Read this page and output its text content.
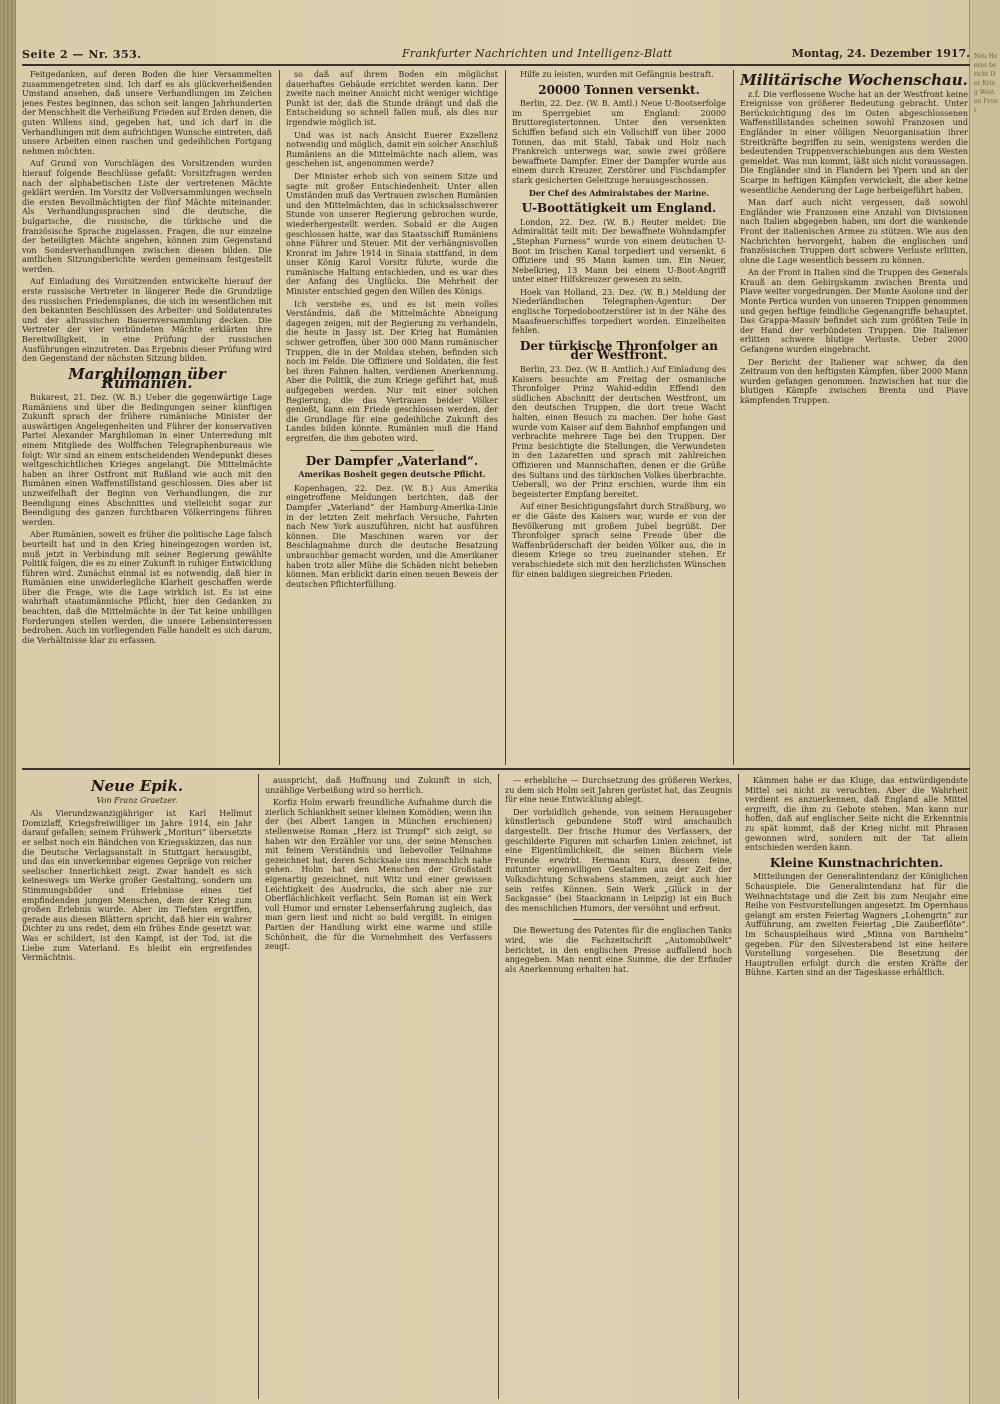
Neu Heeres bericht Der Krieg Westen Front
Seite 2 — Nr. 353.	Frankfurter Nachrichten und Intelligenz-Blatt	Montag, 24. Dezember 1917.

Feitgedanken, auf deren Boden die hier Versammelten zusammengetreten sind. Ich darf es als glückverheißenden Umstand ansehen, daß unsere Verhandlungen im Zeichen jenes Festes beginnen, das schon seit langen Jahrhunderten der Menschheit die Verheißung Frieden auf Erden denen, die guten Willens sind, gegeben hat, und ich darf in die Verhandlungen mit dem aufrichtigen Wunsche eintreten, daß unsere Arbeiten einen raschen und gedeihlichen Fortgang nehmen möchten.

Auf Grund von Vorschlägen des Vorsitzenden wurden hierauf folgende Beschlüsse gefaßt: Vorsitzfragen werden nach der alphabetischen Liste der vertretenen Mächte geklärt werden. Im Vorsitz der Vollversammlungen wechseln die ersten Bevollmächtigten der fünf Mächte miteinander. Als Verhandlungssprachen sind die deutsche, die bulgarische, die russische, die türkische und die französische Sprache zugelassen. Fragen, die nur einzelne der beteiligten Mächte angehen, können zum Gegenstand von Sonderverhandlungen zwischen diesen bilden. Die amtlichen Sitzungsberichte werden gemeinsam festgestellt werden.

Auf Einladung des Vorsitzenden entwickelte hierauf der erste russische Vertreter in längerer Rede die Grundzüge des russischen Friedensplanes, die sich im wesentlichen mit den bekannten Beschlüssen des Arbeiter- und Soldatenrates und der allrussischen Bauernversammlung decken. Die Vertreter der vier verbündeten Mächte erklärten ihre Bereitwilligkeit, in eine Prüfung der russischen Ausführungen einzutreten. Das Ergebnis dieser Prüfung wird den Gegenstand der nächsten Sitzung bilden.

Marghiloman über Rumänien.

Bukarest, 21. Dez. (W. B.) Ueber die gegenwärtige Lage Rumäniens und über die Bedingungen seiner künftigen Zukunft sprach der frühere rumänische Minister der auswärtigen Angelegenheiten und Führer der konservativen Partei Alexander Marghiloman in einer Unterredung mit einem Mitgliede des Wolffschen Telegraphenbureaus wie folgt: Wir sind an einem entscheidenden Wendepunkt dieses weltgeschichtlichen Krieges angelangt. Die Mittelmächte haben an ihrer Ostfront mit Rußland wie auch mit den Rumänen einen Waffenstillstand geschlossen. Dies aber ist unzweifelhaft der Beginn von Verhandlungen, die zur Beendigung eines Abschnittes und vielleicht sogar zur Beendigung des ganzen furchtbaren Völkerringens führen werden.

Aber Rumänien, soweit es früher die politische Lage falsch beurteilt hat und in den Krieg hineingezogen worden ist, muß jetzt in Verbindung mit seiner Regierung gewählte Politik folgen, die es zu einer Zukunft in ruhiger Entwicklung führen wird. Zunächst einmal ist es notwendig, daß hier in Rumänien eine unwiderlegliche Klarheit geschaffen werde über die Frage, wie die Lage wirklich ist. Es ist eine wahrhaft staatsmännische Pflicht, hier den Gedanken zu beachten, daß die Mittelmächte in der Tat keine unbilligen Forderungen stellen werden, die unsere Lebensinteressen bedrohen. Auch im vorliegenden Falle handelt es sich darum, die Verhältnisse klar zu erfassen.

so daß auf ihrem Boden ein möglichst dauerhaftes Gebäude errichtet werden kann. Der zweite nach meiner Ansicht nicht weniger wichtige Punkt ist der, daß die Stunde drängt und daß die Entscheidung so schnell fallen muß, als dies nur irgendwie möglich ist.

Und was ist nach Ansicht Euerer Exzellenz notwendig und möglich, damit ein solcher Anschluß Rumäniens an die Mittelmächte nach allem, was geschehen ist, angenommen werde?

Der Minister erhob sich von seinem Sitze und sagte mit großer Entschiedenheit: Unter allen Umständen muß das Vertrauen zwischen Rumänien und den Mittelmächten, das in schicksalsschwerer Stunde von unserer Regierung gebrochen wurde, wiederhergestellt werden. Sobald er die Augen geschlossen hatte, war das Staatsschiff Rumäniens ohne Führer und Steuer. Mit der verhängnisvollen Kronrat im Jahre 1914 in Sinaia stattfand, in dem unser König Karol Vorsitz führte, wurde die rumänische Haltung entschieden, und es war dies der Anfang des Unglücks. Die Mehrheit der Minister entschied gegen den Willen des Königs.

Ich verstehe es, und es ist mein volles Verständnis, daß die Mittelmächte Abneigung dagegen zeigen, mit der Regierung zu verhandeln, die heute in Jassy ist. Der Krieg hat Rumänien schwer getroffen, über 300 000 Mann rumänischer Truppen, die in der Moldau stehen, befinden sich noch im Felde. Die Offiziere und Soldaten, die fest bei ihren Fahnen halten, verdienen Anerkennung. Aber die Politik, die zum Kriege geführt hat, muß aufgegeben werden. Nur mit einer solchen Regierung, die das Vertrauen beider Völker genießt, kann ein Friede geschlossen werden, der die Grundlage für eine gedeihliche Zukunft des Landes bilden könnte. Rumänien muß die Hand ergreifen, die ihm geboten wird.

Der Dampfer „Vaterland“.
Amerikas Bosheit gegen deutsche Pflicht.

Kopenhagen, 22. Dez. (W. B.) Aus Amerika eingetroffene Meldungen berichten, daß der Dampfer „Vaterland“ der Hamburg-Amerika-Linie in der letzten Zeit mehrfach Versuche, Fahrten nach New York auszuführen, nicht hat ausführen können. Die Maschinen waren vor der Beschlagnahme durch die deutsche Besatzung unbrauchbar gemacht worden, und die Amerikaner haben trotz aller Mühe die Schäden nicht beheben können. Man erblickt darin einen neuen Beweis der deutschen Pflichterfüllung.

Hilfe zu leisten, wurden mit Gefängnis bestraft.

20000 Tonnen versenkt.

Berlin, 22. Dez. (W. B. Amtl.) Neue U-Bootserfolge im Sperrgebiet um England: 20000 Bruttoregistertonnen. Unter den versenkten Schiffen befand sich ein Vollschiff von über 2000 Tonnen, das mit Stahl, Tabak und Holz nach Frankreich unterwegs war, sowie zwei größere bewaffnete Dampfer. Einer der Dampfer wurde aus einem durch Kreuzer, Zerstörer und Fischdampfer stark gesicherten Geleitzuge herausgeschossen.

Der Chef des Admiralstabes der Marine.
U-Boottätigkeit um England.

London, 22. Dez. (W. B.) Reuter meldet: Die Admiralität teilt mit: Der bewaffnete Wohndampfer „Stephan Furness“ wurde von einem deutschen U-Boot im Irischen Kanal torpediert und versenkt. 6 Offiziere und 95 Mann kamen um. Ein Neuer, Nebelkrieg, 13 Mann bei einem U-Boot-Angriff unter einer Hilfskreuzer gewesen zu sein.

Hoek van Holland, 23. Dez. (W. B.) Meldung der Niederländischen Telegraphen-Agentur: Der englische Torpedobootzerstörer ist in der Nähe des Maasfeuerschiffes torpediert worden. Einzelheiten fehlen.

Der türkische Thronfolger an der Westfront.

Berlin, 23. Dez. (W. B. Amtlich.) Auf Einladung des Kaisers besuchte am Freitag der osmanische Thronfolger Prinz Wahid-eddin Effendi den südlichen Abschnitt der deutschen Westfront, um den deutschen Truppen, die dort treue Wacht halten, einen Besuch zu machen. Der hohe Gast wurde vom Kaiser auf dem Bahnhof empfangen und verbrachte mehrere Tage bei den Truppen. Der Prinz besichtigte die Stellungen, die Verwundeten in den Lazaretten und sprach mit zahlreichen Offizieren und Mannschaften, denen er die Grüße des Sultans und des türkischen Volkes überbrachte. Ueberall, wo der Prinz erschien, wurde ihm ein begeisterter Empfang bereitet.

Auf einer Besichtigungsfahrt durch Straßburg, wo er die Gäste des Kaisers war, wurde er von der Bevölkerung mit großem Jubel begrüßt. Der Thronfolger sprach seine Freude über die Waffenbrüderschaft der beiden Völker aus, die in diesem Kriege so treu zueinander stehen. Er verabschiedete sich mit den herzlichsten Wünschen für einen baldigen siegreichen Frieden.

Militärische Wochenschau.

z.f. Die verflossene Woche hat an der Westfront keine Ereignisse von größerer Bedeutung gebracht. Unter Berücksichtigung des im Osten abgeschlossenen Waffenstillstandes scheinen sowohl Franzosen und Engländer in einer völligen Neuorganisation ihrer Streitkräfte begriffen zu sein, wenigstens werden die bedeutenden Truppenverschiebungen aus dem Westen gemeldet. Was nun kommt, läßt sich nicht voraussagen. Die Engländer sind in Flandern bei Ypern und an der Scarpe in heftigen Kämpfen verwickelt, die aber keine wesentliche Aenderung der Lage herbeigeführt haben.

Man darf auch nicht vergessen, daß sowohl Engländer wie Franzosen eine Anzahl von Divisionen nach Italien abgegeben haben, um dort die wankende Front der italienischen Armee zu stützen. Wie aus den Nachrichten hervorgeht, haben die englischen und französischen Truppen dort schwere Verluste erlitten, ohne die Lage wesentlich bessern zu können.

An der Front in Italien sind die Truppen des Generals Krauß an dem Gebirgskamm zwischen Brenta und Piave weiter vorgedrungen. Der Monte Asolone und der Monte Pertica wurden von unseren Truppen genommen und gegen heftige feindliche Gegenangriffe behauptet. Das Grappa-Massiv befindet sich zum größten Teile in der Hand der verbündeten Truppen. Die Italiener erlitten schwere blutige Verluste. Ueber 2000 Gefangene wurden eingebracht.

Der Bericht der Italiener war schwer, da den Zeitraum von den heftigsten Kämpfen, über 2000 Mann wurden gefangen genommen. Inzwischen hat nur die blutigen Kämpfe zwischen Brenta und Piave kämpfenden Truppen.

Neue Epik.
Von Franz Graetzer.

Als Vierundzwanzigjähriger ist Karl Hellmut Domizlaff, Kriegsfreiwilliger im Jahre 1914, ein Jahr darauf gefallen; seinem Frühwerk „Morituri“ übersetzte er selbst noch ein Bändchen von Kriegsskizzen, das nun die Deutsche Verlagsanstalt in Stuttgart herausgibt, und das ein unverkennbar eigenes Gepräge von reicher seelischer Innerlichkeit zeigt. Zwar handelt es sich keineswegs um Werke großer Gestaltung, sondern um Stimmungsbilder und Erlebnisse eines tief empfindenden jungen Menschen, dem der Krieg zum großen Erlebnis wurde. Aber im Tiefsten ergriffen, gerade aus diesen Blättern spricht, daß hier ein wahrer Dichter zu uns redet, dem ein frühes Ende gesetzt war. Was er schildert, ist den Kampf, ist der Tod, ist die Liebe zum Vaterland. Es bleibt ein ergreifendes Vermächtnis.

ausspricht, daß Hoffnung und Zukunft in sich, unzählige Verbeißung wird so herrlich.

Korfiz Holm erwarb freundliche Aufnahme durch die zierlich Schlankheit seiner kleinen Komödien; wenn ihn der (bei Albert Langen in München erschienen) stellenweise Roman „Herz ist Trumpf“ sich zeigt, so haben wir den Erzähler vor uns, der seine Menschen mit feinem Verständnis und liebevoller Teilnahme gezeichnet hat, deren Schicksale uns menschlich nahe gehen. Holm hat den Menschen der Großstadt eigenartig gezeichnet, mit Witz und einer gewissen Leichtigkeit des Ausdrucks, die sich aber nie zur Oberflächlichkeit verflacht. Sein Roman ist ein Werk voll Humor und ernster Lebenserfahrung zugleich, das man gern liest und nicht so bald vergißt. In einigen Partien der Handlung wirkt eine warme und stille Schönheit, die für die Vornehmheit des Verfassers zeugt.

— erhebliche — Durchsetzung des größeren Werkes, zu dem sich Holm seit Jahren gerüstet hat, das Zeugnis für eine neue Entwicklung ablegt.

Der vorbildlich gehende, von seinem Herausgeber künstlerisch gebundene Stoff wird anschaulich dargestellt. Der frische Humor des Verfassers, der geschilderte Figuren mit scharfen Linien zeichnet, ist eine Eigentümlichkeit, die seinen Büchern viele Freunde erwirbt. Hermann Kurz, dessen feine, mitunter eigenwilligen Gestalten aus der Zeit der Volksdichtung Schwabens stammen, zeigt auch hier sein reifes Können. Sein Werk „Glück in der Sackgasse“ (bei Staackmann in Leipzig) ist ein Buch des menschlichen Humors, der versöhnt und erfreut.

Die Bewertung des Patentes für die englischen Tanks wird, wie die Fachzeitschrift „Automobilwelt“ berichtet, in den englischen Presse auffallend hoch angegeben. Man nennt eine Summe, die der Erfinder als Anerkennung erhalten hat.

Kämmen habe er das Kluge, das entwürdigendste Mittel sei nicht zu verachten. Aber die Wahrheit verdient es anzuerkennen, daß England alle Mittel ergreift, die ihm zu Gebote stehen. Man kann nur hoffen, daß auf englischer Seite nicht die Erkenntnis zu spät kommt, daß der Krieg nicht mit Phrasen gewonnen wird, sondern mit der Tat allein entschieden werden kann.

Kleine Kunstnachrichten.

Mitteilungen der Generalintendanz der Königlichen Schauspiele. Die Generalintendanz hat für die Weihnachtstage und die Zeit bis zum Neujahr eine Reihe von Festvorstellungen angesetzt. Im Opernhaus gelangt am ersten Feiertag Wagners „Lohengrin“ zur Aufführung, am zweiten Feiertag „Die Zauberflöte“. Im Schauspielhaus wird „Minna von Barnhelm“ gegeben. Für den Silvesterabend ist eine heitere Vorstellung vorgesehen. Die Besetzung der Hauptrollen erfolgt durch die ersten Kräfte der Bühne. Karten sind an der Tageskasse erhältlich.
